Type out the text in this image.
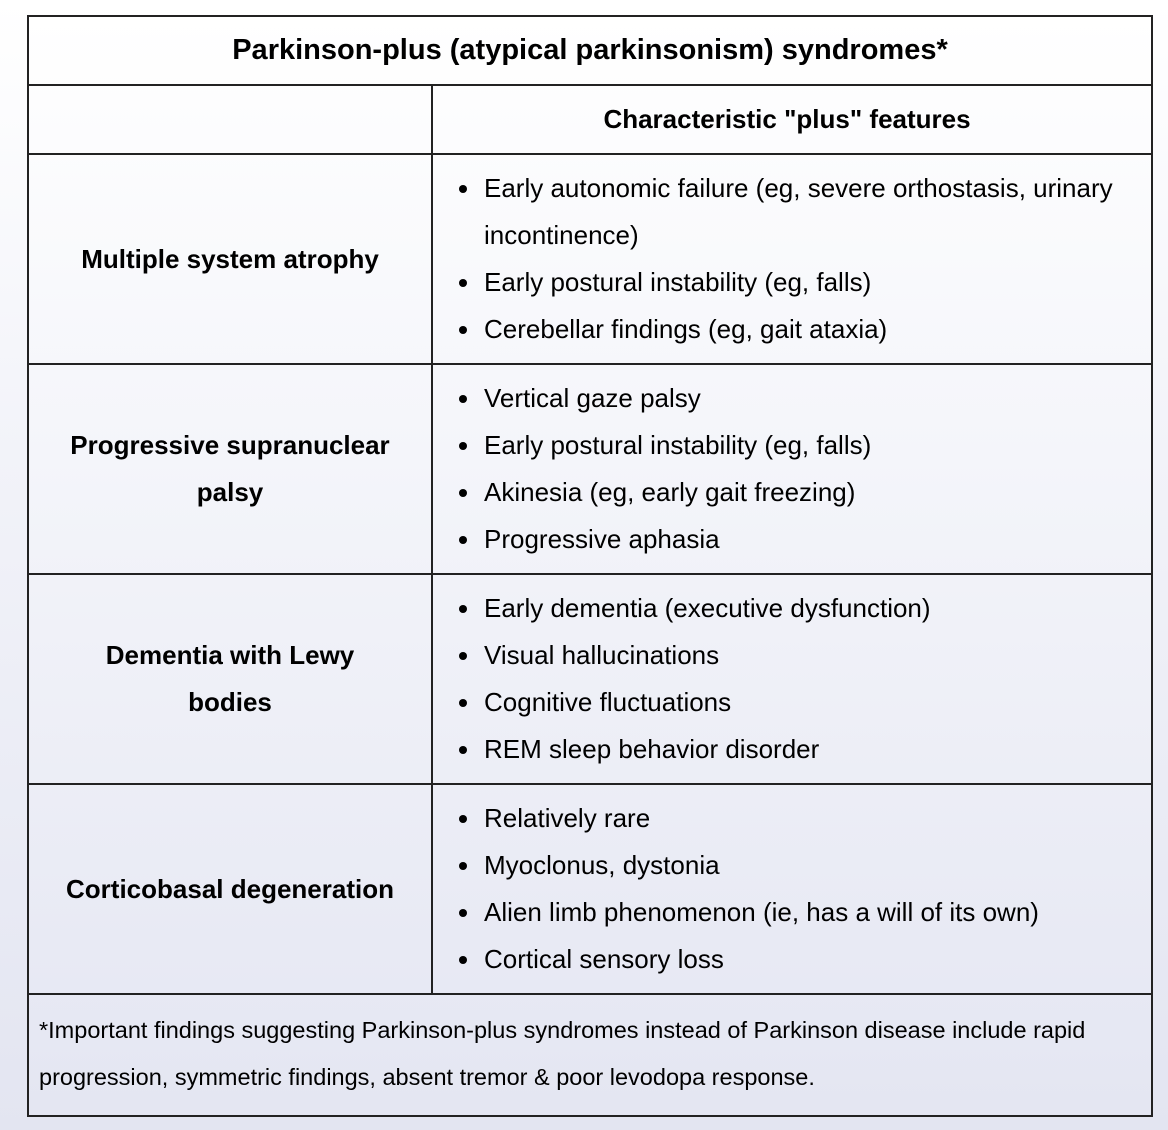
Parkinson-plus (atypical parkinsonism) syndromes*
Characteristic "plus" features
Multiple system atrophy
Early autonomic failure (eg, severe orthostasis, urinary incontinence)
Early postural instability (eg, falls)
Cerebellar findings (eg, gait ataxia)
Progressive supranuclear palsy
Vertical gaze palsy
Early postural instability (eg, falls)
Akinesia (eg, early gait freezing)
Progressive aphasia
Dementia with Lewy bodies
Early dementia (executive dysfunction)
Visual hallucinations
Cognitive fluctuations
REM sleep behavior disorder
Corticobasal degeneration
Relatively rare
Myoclonus, dystonia
Alien limb phenomenon (ie, has a will of its own)
Cortical sensory loss
*Important findings suggesting Parkinson-plus syndromes instead of Parkinson disease include rapid progression, symmetric findings, absent tremor & poor levodopa response.
